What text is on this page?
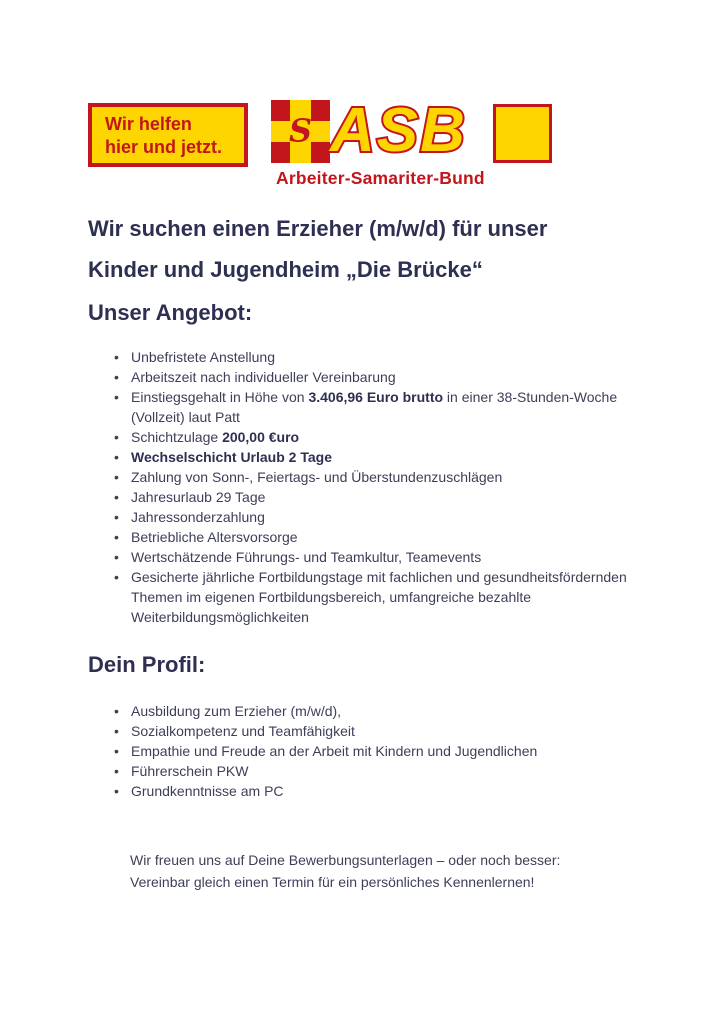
Wir helfen
hier und jetzt.	S ASB
Arbeiter-Samariter-Bund
Wir suchen einen Erzieher (m/w/d) für unser
Kinder und Jugendheim „Die Brücke“
Unser Angebot:
• Unbefristete Anstellung
• Arbeitszeit nach individueller Vereinbarung
• Einstiegsgehalt in Höhe von 3.406,96 Euro brutto in einer 38-Stunden-Woche (Vollzeit) laut Patt
• Schichtzulage 200,00 €uro
• Wechselschicht Urlaub 2 Tage
• Zahlung von Sonn-, Feiertags- und Überstundenzuschlägen
• Jahresurlaub 29 Tage
• Jahressonderzahlung
• Betriebliche Altersvorsorge
• Wertschätzende Führungs- und Teamkultur, Teamevents
• Gesicherte jährliche Fortbildungstage mit fachlichen und gesundheitsfördernden Themen im eigenen Fortbildungsbereich, umfangreiche bezahlte Weiterbildungsmöglichkeiten
Dein Profil:
• Ausbildung zum Erzieher (m/w/d),
• Sozialkompetenz und Teamfähigkeit
• Empathie und Freude an der Arbeit mit Kindern und Jugendlichen
• Führerschein PKW
• Grundkenntnisse am PC
Wir freuen uns auf Deine Bewerbungsunterlagen – oder noch besser:
Vereinbar gleich einen Termin für ein persönliches Kennenlernen!
